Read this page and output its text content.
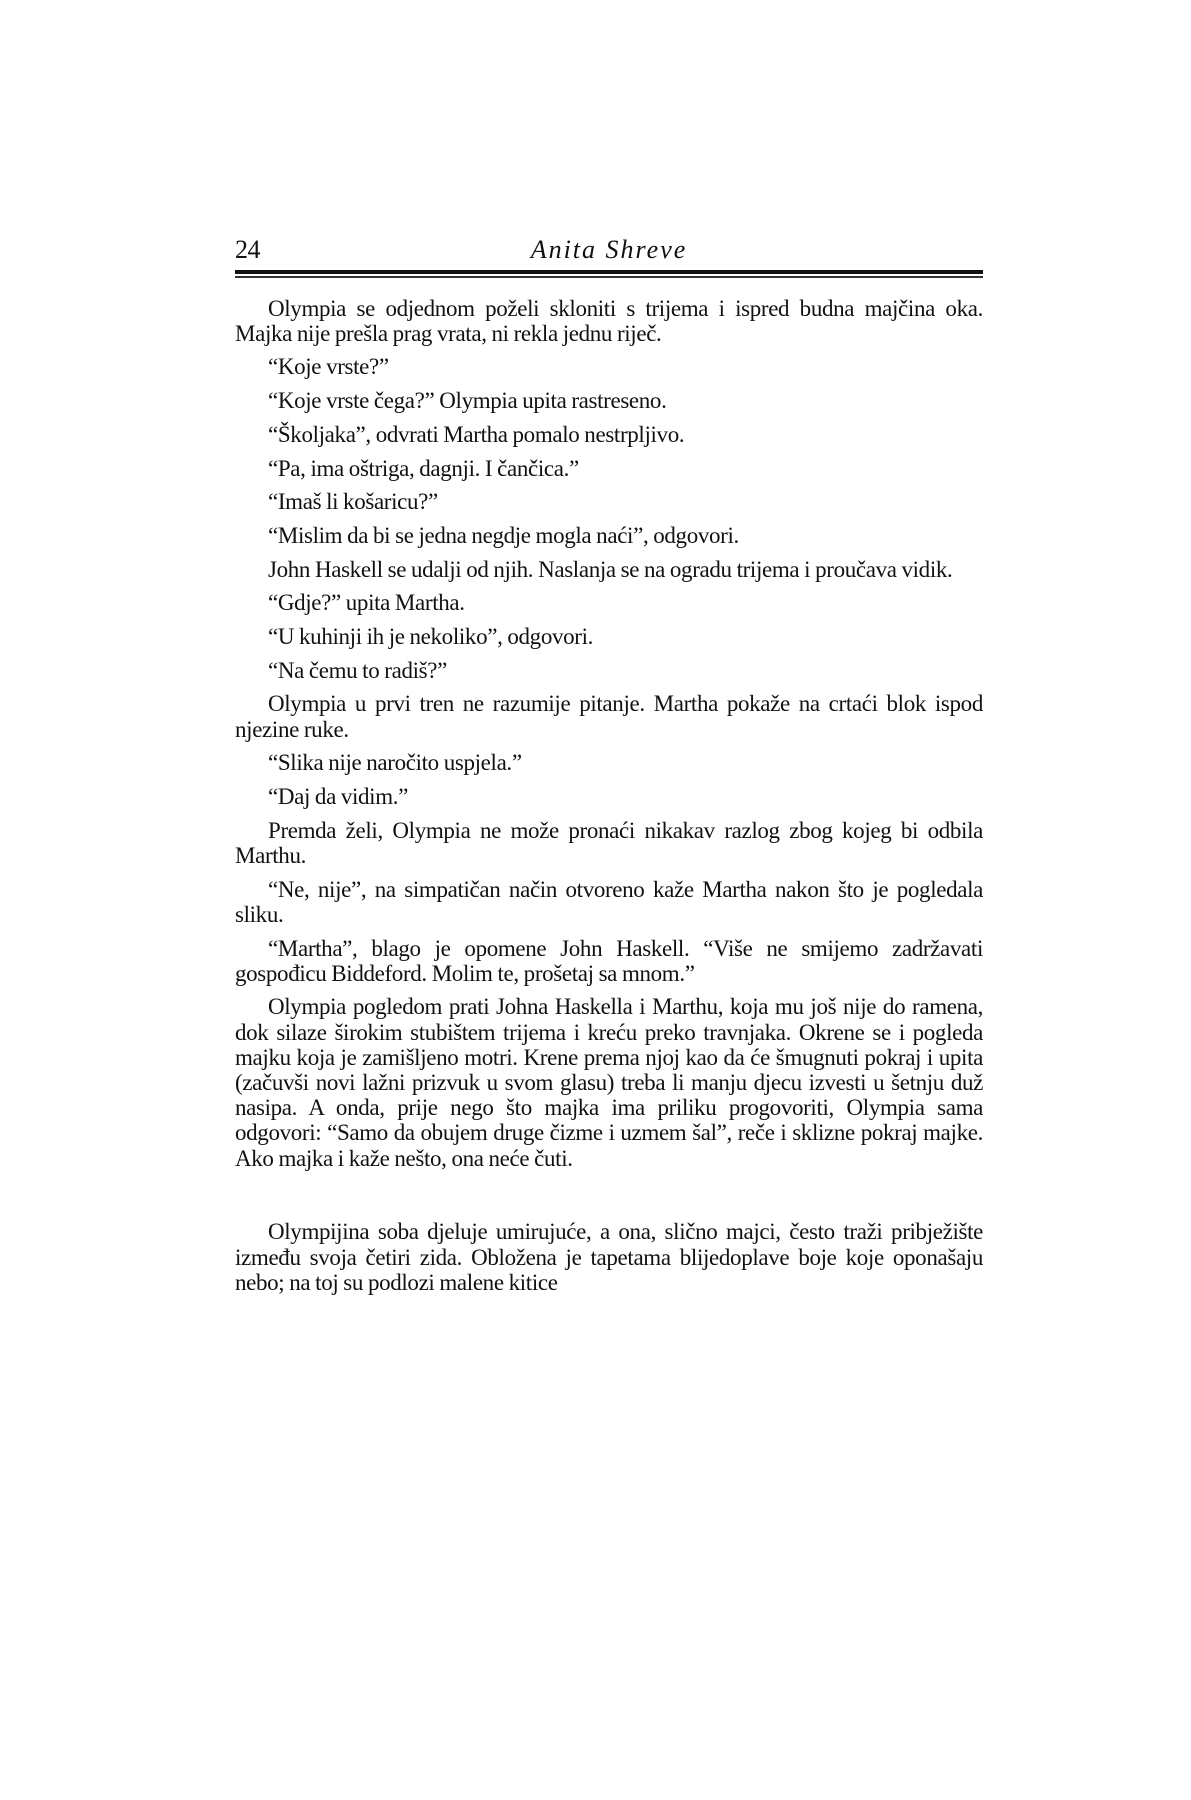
24	Anita Shreve

Olympia se odjednom poželi skloniti s trijema i ispred budna majčina oka. Majka nije prešla prag vrata, ni rekla jednu riječ.

“Koje vrste?”

“Koje vrste čega?” Olympia upita rastreseno.

“Školjaka”, odvrati Martha pomalo nestrpljivo.

“Pa, ima oštriga, dagnji. I čančica.”

“Imaš li košaricu?”

“Mislim da bi se jedna negdje mogla naći”, odgovori.

John Haskell se udalji od njih. Naslanja se na ogradu trijema i proučava vidik.

“Gdje?” upita Martha.

“U kuhinji ih je nekoliko”, odgovori.

“Na čemu to radiš?”

Olympia u prvi tren ne razumije pitanje. Martha pokaže na crtaći blok ispod njezine ruke.

“Slika nije naročito uspjela.”

“Daj da vidim.”

Premda želi, Olympia ne može pronaći nikakav razlog zbog kojeg bi odbila Marthu.

“Ne, nije”, na simpatičan način otvoreno kaže Martha nakon što je pogledala sliku.

“Martha”, blago je opomene John Haskell. “Više ne smijemo zadržavati gospođicu Biddeford. Molim te, prošetaj sa mnom.”

Olympia pogledom prati Johna Haskella i Marthu, koja mu još nije do ramena, dok silaze širokim stubištem trijema i kreću preko travnjaka. Okrene se i pogleda majku koja je zamišljeno motri. Krene prema njoj kao da će šmugnuti pokraj i upita (začuvši novi lažni prizvuk u svom glasu) treba li manju djecu izvesti u šetnju duž nasipa. A onda, prije nego što majka ima priliku progovoriti, Olympia sama odgovori: “Samo da obujem druge čizme i uzmem šal”, reče i sklizne pokraj majke. Ako majka i kaže nešto, ona neće čuti.

Olympijina soba djeluje umirujuće, a ona, slično majci, često traži pribježište između svoja četiri zida. Obložena je tapetama blijedoplave boje koje oponašaju nebo; na toj su podlozi malene kitice
